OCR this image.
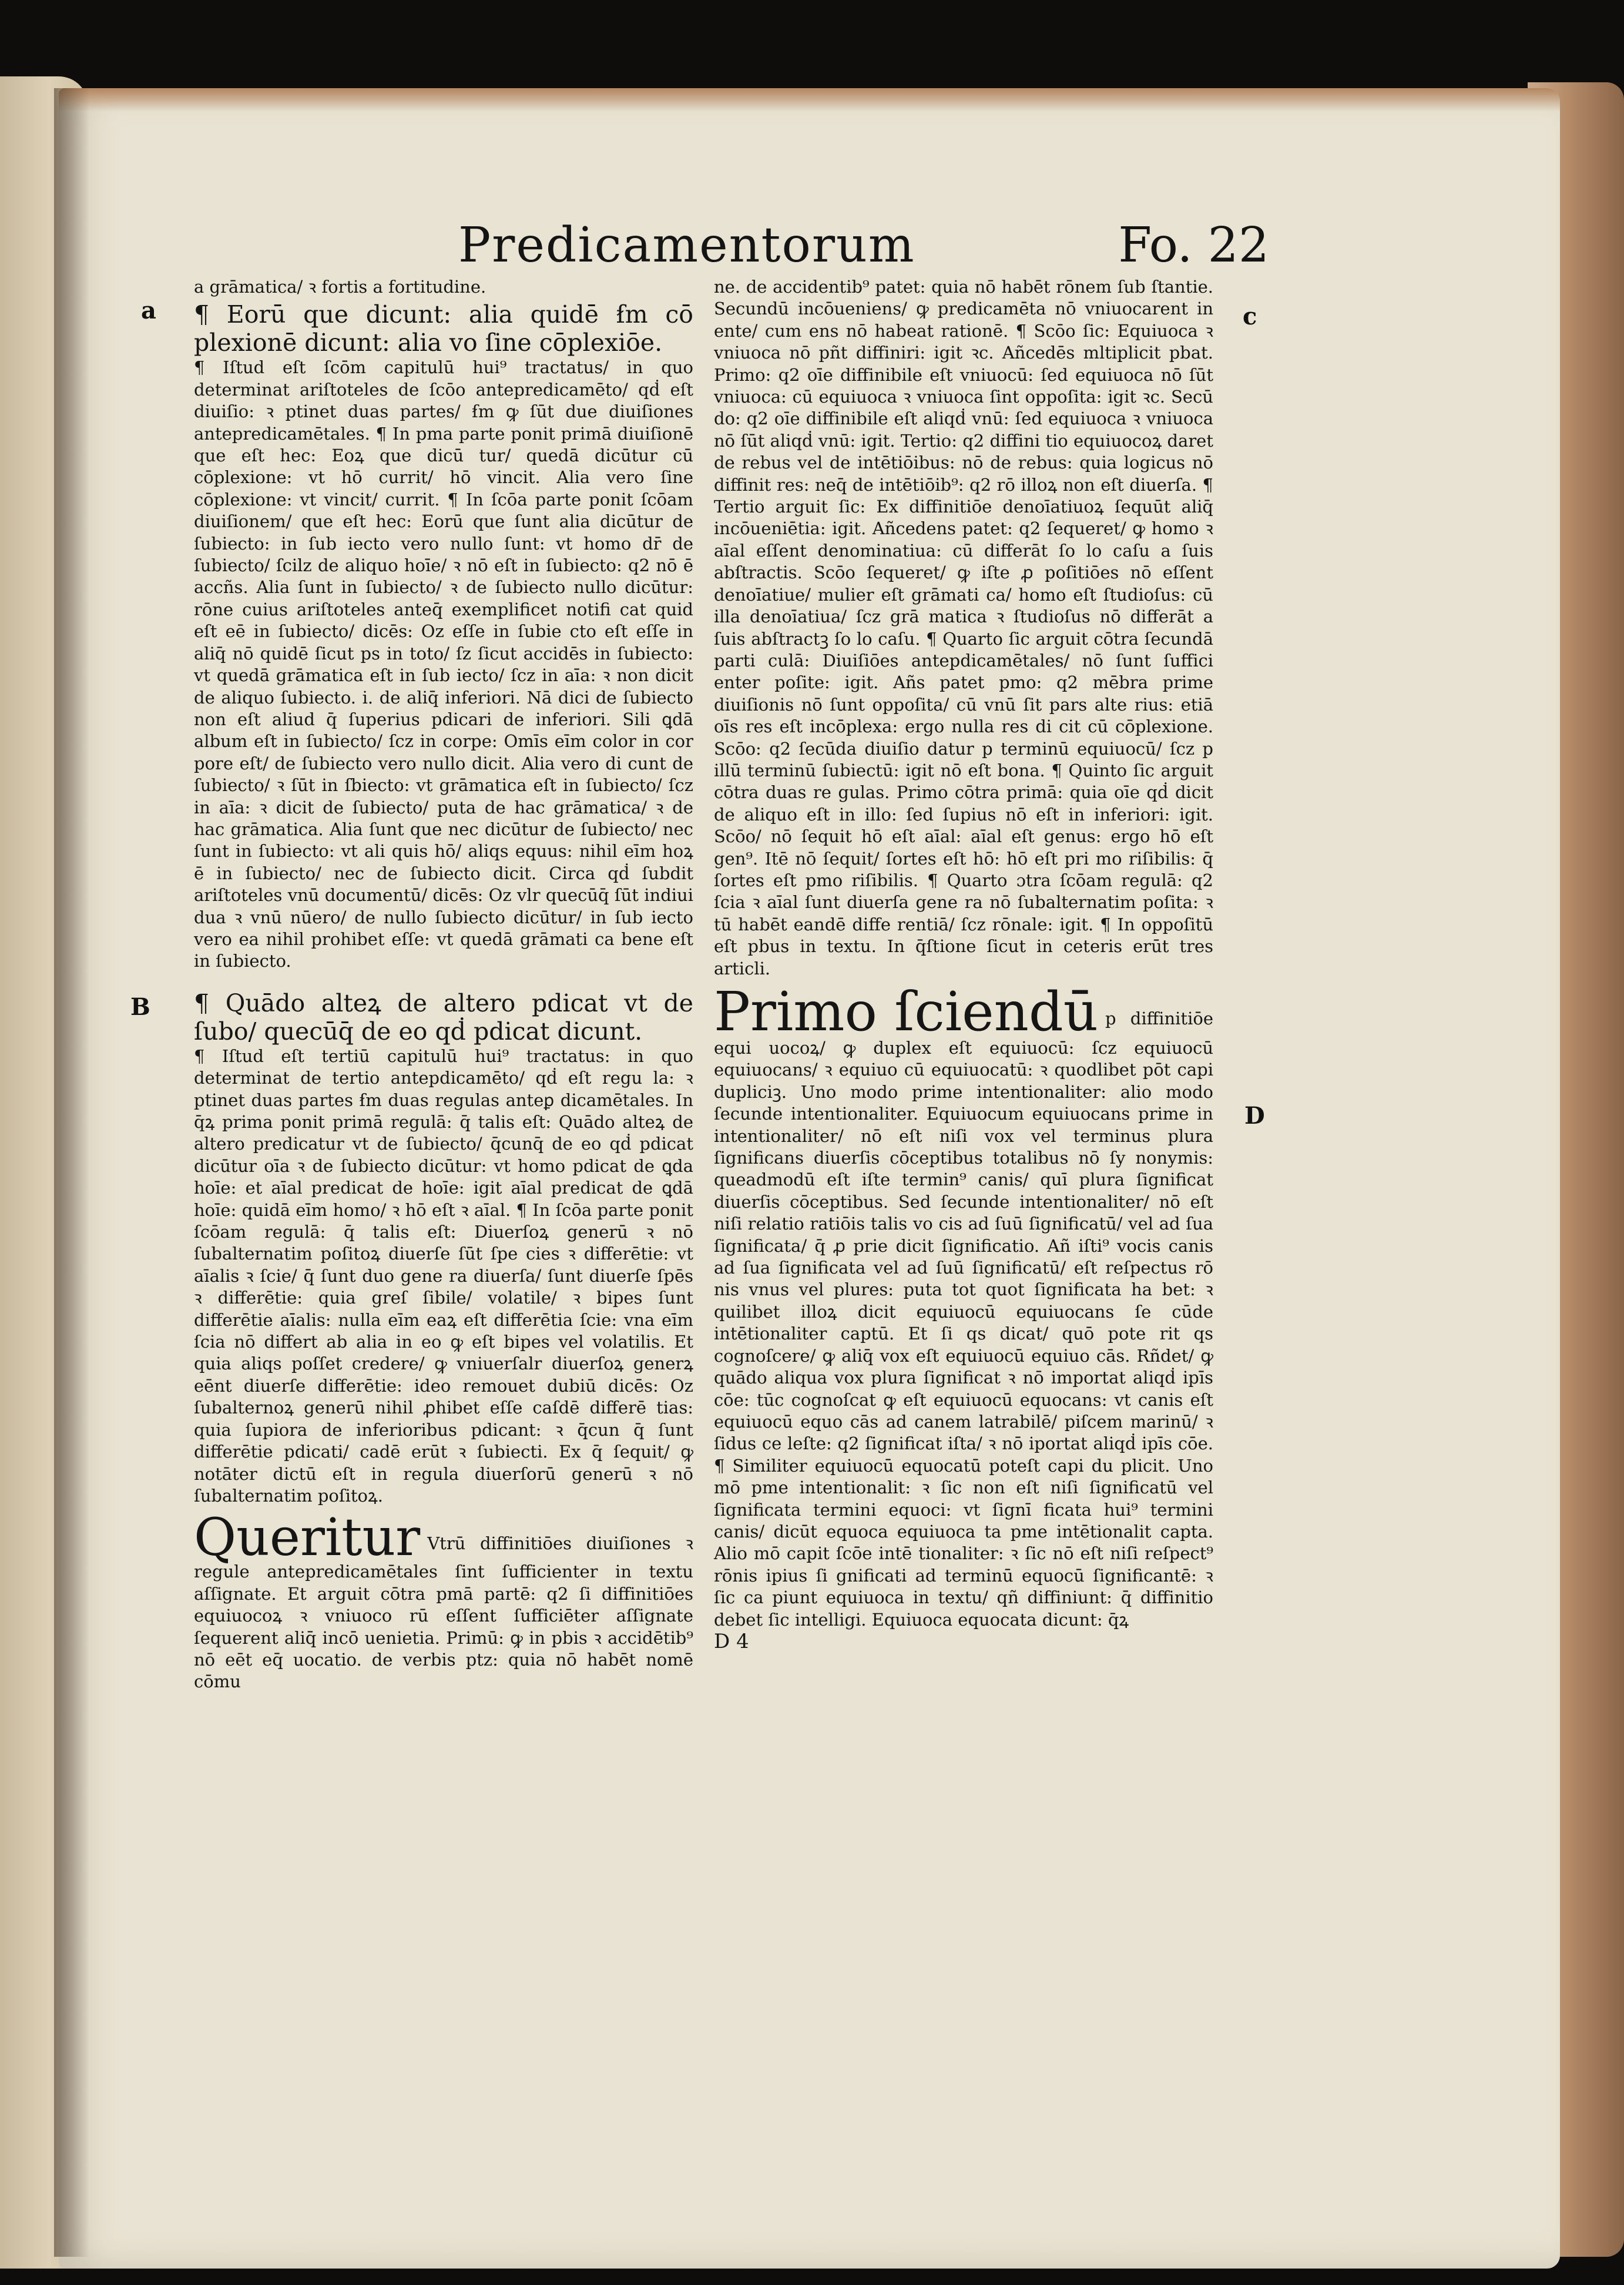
Predicamentorum	Fo. 22
a
B
c
D

a grāmatica/ ꝛ fortis a fortitudine.

¶ Eorū que dicunt: alia quidē ẜm cō plexionē dicunt: alia vo ſine cōplexiōe.

¶ Iſtud eſt ſcōm capitulū hui⁹ tractatus/ in quo determinat ariſtoteles de ſcōo antepredicamēto/ qḋ eſt diuiſio: ꝛ ptinet duas partes/ ẜm ꝙ ſūt due diuiſiones antepredicamētales. ¶ In pma parte ponit primā diuiſionē que eſt hec: Eoꝝ que dicū tur/ quedā dicūtur cū cōplexione: vt hō currit/ hō vincit. Alia vero ſine cōplexione: vt vincit/ currit. ¶ In ſcōa parte ponit ſcōam diuiſionem/ que eſt hec: Eorū que ſunt alia dicūtur de ſubiecto: in ſub iecto vero nullo ſunt: vt homo dr̄ de ſubiecto/ ſcilz de aliquo hoīe/ ꝛ nō eſt in ſubiecto: q2 nō ē accñs. Alia ſunt in ſubiecto/ ꝛ de ſubiecto nullo dicūtur: rōne cuius ariſtoteles anteq̄ exemplificet notifi cat quid eſt eē in ſubiecto/ dicēs: Oz eſſe in ſubie cto eſt eſſe in aliq̄ nō quidē ſicut ps in toto/ ſz ſicut accidēs in ſubiecto: vt quedā grāmatica eſt in ſub iecto/ ſcz in aīa: ꝛ non dicit de aliquo ſubiecto. i. de aliq̄ inferiori. Nā dici de ſubiecto non eſt aliud q̄ ſuperius pdicari de inferiori. Sili ꝗdā album eſt in ſubiecto/ ſcz in corpe: Omīs eīm color in cor pore eſt/ de ſubiecto vero nullo dicit. Alia vero di cunt de ſubiecto/ ꝛ ſūt in ſbiecto: vt grāmatica eſt in ſubiecto/ ſcz in aīa: ꝛ dicit de ſubiecto/ puta de hac grāmatica/ ꝛ de hac grāmatica. Alia ſunt que nec dicūtur de ſubiecto/ nec ſunt in ſubiecto: vt ali quis hō/ aliqs equus: nihil eīm hoꝝ ē in ſubiecto/ nec de ſubiecto dicit. Circa qḋ ſubdit ariſtoteles vnū documentū/ dicēs: Oz vlr quecūq̄ ſūt indiui dua ꝛ vnū nūero/ de nullo ſubiecto dicūtur/ in ſub iecto vero ea nihil prohibet eſſe: vt quedā grāmati ca bene eſt in ſubiecto.

¶ Quādo alteꝝ de altero pdicat vt de ſubo/ quecūq̄ de eo qḋ pdicat dicunt.

¶ Iſtud eſt tertiū capitulū hui⁹ tractatus: in quo determinat de tertio antepdicamēto/ qḋ eſt regu la: ꝛ ptinet duas partes ẜm duas regulas anteꝑ dicamētales. In q̄ꝝ prima ponit primā regulā: q̄ talis eſt: Quādo alteꝝ de altero predicatur vt de ſubiecto/ q̄cunq̄ de eo qḋ pdicat dicūtur oīa ꝛ de ſubiecto dicūtur: vt homo pdicat de ꝗda hoīe: et aīal predicat de hoīe: igit aīal predicat de ꝗdā hoīe: quidā eīm homo/ ꝛ hō eſt ꝛ aīal. ¶ In ſcōa parte ponit ſcōam regulā: q̄ talis eſt: Diuerſoꝝ generū ꝛ nō ſubalternatim poſitoꝝ diuerſe ſūt ſpe cies ꝛ differētie: vt aīalis ꝛ ſcie/ q̄ ſunt duo gene ra diuerſa/ ſunt diuerſe ſpēs ꝛ differētie: quia greſ ſibile/ volatile/ ꝛ bipes ſunt differētie aīalis: nulla eīm eaꝝ eſt differētia ſcie: vna eīm ſcia nō differt ab alia in eo ꝙ eſt bipes vel volatilis. Et quia aliqs poſſet credere/ ꝙ vniuerſalr diuerſoꝝ generꝝ eēnt diuerſe differētie: ideo remouet dubiū dicēs: Oz ſubalternoꝝ generū nihil ꝓhibet eſſe caſdē differē tias: quia ſupiora de inferioribus pdicant: ꝛ q̄cun q̄ ſunt differētie pdicati/ cadē erūt ꝛ ſubiecti. Ex q̄ ſequit/ ꝙ notāter dictū eſt in regula diuerſorū generū ꝛ nō ſubalternatim poſitoꝝ.

Queritur Vtrū diffinitiōes diuiſiones ꝛ regule antepredicamētales ſint ſufficienter in textu aſſignate. Et arguit cōtra pmā partē: q2 ſi diffinitiōes equiuocoꝝ ꝛ vniuoco rū eſſent ſufficiēter aſſignate ſequerent aliq̄ incō uenietia. Primū: ꝙ in pbis ꝛ accidētib⁹ nō eēt eq̄ uocatio. de verbis ptz: quia nō habēt nomē cōmu

ne. de accidentib⁹ patet: quia nō habēt rōnem ſub ſtantie. Secundū incōueniens/ ꝙ predicamēta nō vniuocarent in ente/ cum ens nō habeat rationē. ¶ Scōo ſic: Equiuoca ꝛ vniuoca nō pñt diffiniri: igit ꝛc. Añcedēs mltiplicit pbat. Primo: q2 oīe diffinibile eſt vniuocū: ſed equiuoca nō ſūt vniuoca: cū equiuoca ꝛ vniuoca ſint oppoſita: igit ꝛc. Secū do: q2 oīe diffinibile eſt aliqḋ vnū: ſed equiuoca ꝛ vniuoca nō ſūt aliqḋ vnū: igit. Tertio: q2 diffini tio equiuocoꝝ daret de rebus vel de intētiōibus: nō de rebus: quia logicus nō diffinit res: neq̄ de intētiōib⁹: q2 rō illoꝝ non eſt diuerſa. ¶ Tertio arguit ſic: Ex diffinitiōe denoīatiuoꝝ ſequūt aliq̄ incōueniētia: igit. Añcedens patet: q2 ſequeret/ ꝙ homo ꝛ aīal eſſent denominatiua: cū differāt ſo lo caſu a ſuis abſtractis. Scōo ſequeret/ ꝙ iſte ꝓ poſitiōes nō eſſent denoīatiue/ mulier eſt grāmati ca/ homo eſt ſtudioſus: cū illa denoīatiua/ ſcz grā matica ꝛ ſtudioſus nō differāt a ſuis abſtractꝫ ſo lo caſu. ¶ Quarto ſic arguit cōtra ſecundā parti culā: Diuiſiōes antepdicamētales/ nō ſunt ſuffici enter poſite: igit. Añs patet pmo: q2 mēbra prime diuiſionis nō ſunt oppoſita/ cū vnū ſit pars alte rius: etiā oīs res eſt incōplexa: ergo nulla res di cit cū cōplexione. Scōo: q2 ſecūda diuiſio datur p terminū equiuocū/ ſcz p illū terminū ſubiectū: igit nō eſt bona. ¶ Quinto ſic arguit cōtra duas re gulas. Primo cōtra primā: quia oīe qḋ dicit de aliquo eſt in illo: ſed ſupius nō eſt in inferiori: igit. Scōo/ nō ſequit hō eſt aīal: aīal eſt genus: ergo hō eſt gen⁹. Itē nō ſequit/ ſortes eſt hō: hō eſt pri mo riſibilis: q̄ ſortes eſt pmo riſibilis. ¶ Quarto ɔtra ſcōam regulā: q2 ſcia ꝛ aīal ſunt diuerſa gene ra nō ſubalternatim poſita: ꝛ tū habēt eandē diffe rentiā/ ſcz rōnale: igit. ¶ In oppoſitū eſt pbus in textu. In q̄ſtione ſicut in ceteris erūt tres articli.

Primo ſciendū p diffinitiōe equi uocoꝝ/ ꝙ duplex eſt equiuocū: ſcz equiuocū equiuocans/ ꝛ equiuo cū equiuocatū: ꝛ quodlibet pōt capi dupliciꝫ. Uno modo prime intentionaliter: alio modo ſecunde intentionaliter. Equiuocum equiuocans prime in intentionaliter/ nō eſt niſi vox vel terminus plura ſignificans diuerſis cōceptibus totalibus nō ſy nonymis: queadmodū eſt iſte termin⁹ canis/ quī plura ſignificat diuerſis cōceptibus. Sed ſecunde intentionaliter/ nō eſt niſi relatio ratiōis talis vo cis ad ſuū ſignificatū/ vel ad ſua ſignificata/ q̄ ꝓ prie dicit ſignificatio. Añ iſti⁹ vocis canis ad ſua ſignificata vel ad ſuū ſignificatū/ eſt reſpectus rō nis vnus vel plures: puta tot quot ſignificata ha bet: ꝛ quilibet illoꝝ dicit equiuocū equiuocans ſe cūde intētionaliter captū. Et ſi qs dicat/ quō pote rit qs cognoſcere/ ꝙ aliq̄ vox eſt equiuocū equiuo cās. Rñdet/ ꝙ quādo aliqua vox plura ſignificat ꝛ nō importat aliqḋ ipīs cōe: tūc cognoſcat ꝙ eſt equiuocū equocans: vt canis eſt equiuocū equo cās ad canem latrabilē/ piſcem marinū/ ꝛ ſidus ce leſte: q2 ſignificat iſta/ ꝛ nō iportat aliqḋ ipīs cōe. ¶ Similiter equiuocū equocatū poteſt capi du plicit. Uno mō pme intentionalit: ꝛ ſic non eſt niſi ſignificatū vel ſignificata termini equoci: vt ſignī ficata hui⁹ termini canis/ dicūt equoca equiuoca ta pme intētionalit capta. Alio mō capit ſcōe intē tionaliter: ꝛ ſic nō eſt niſi reſpect⁹ rōnis ipius ſi gnificati ad terminū equocū ſignificantē: ꝛ ſic ca piunt equiuoca in textu/ qñ diffiniunt: q̄ diffinitio debet ſic intelligi. Equiuoca equocata dicunt: q̄ꝝ

D 4
